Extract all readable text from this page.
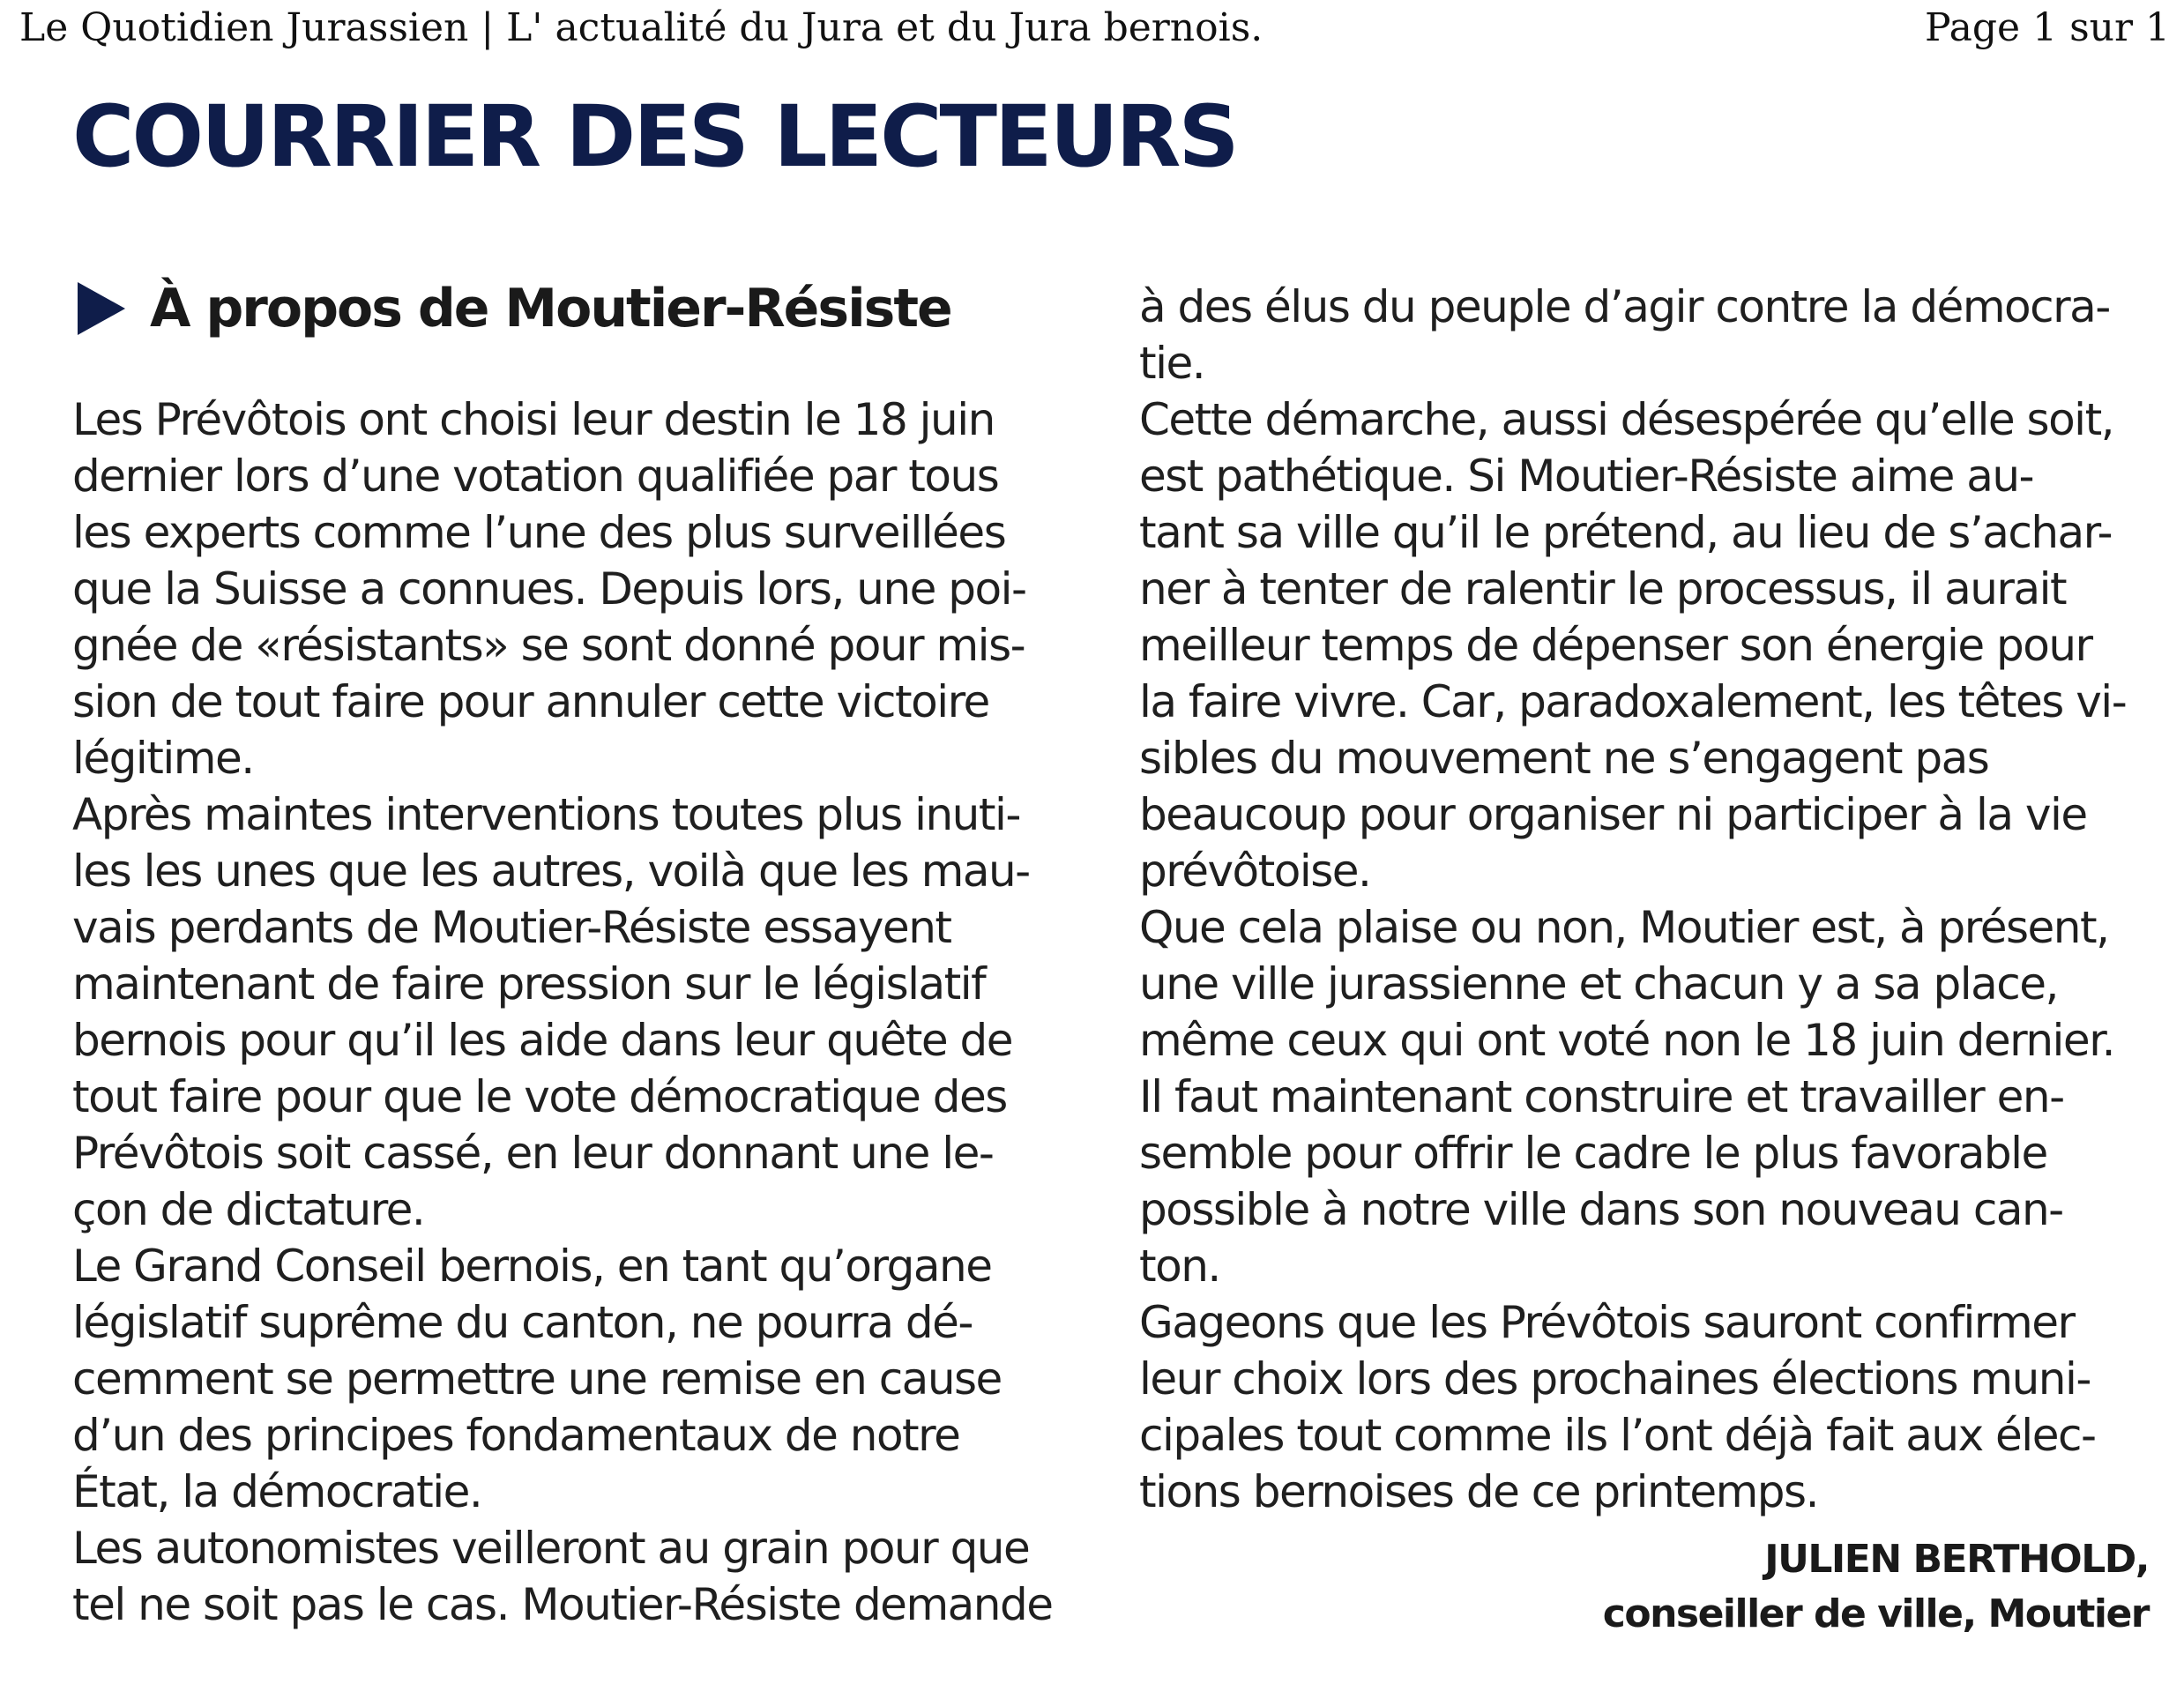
Le Quotidien Jurassien | L' actualité du Jura et du Jura bernois.	Page 1 sur 1
COURRIER DES LECTEURS
À propos de Moutier-Résiste
Les Prévôtois ont choisi leur destin le 18 juin
dernier lors d’une votation qualifiée par tous
les experts comme l’une des plus surveillées
que la Suisse a connues. Depuis lors, une poi-
gnée de «résistants» se sont donné pour mis-
sion de tout faire pour annuler cette victoire
légitime.
Après maintes interventions toutes plus inuti-
les les unes que les autres, voilà que les mau-
vais perdants de Moutier-Résiste essayent
maintenant de faire pression sur le législatif
bernois pour qu’il les aide dans leur quête de
tout faire pour que le vote démocratique des
Prévôtois soit cassé, en leur donnant une le-
çon de dictature.
Le Grand Conseil bernois, en tant qu’organe
législatif suprême du canton, ne pourra dé-
cemment se permettre une remise en cause
d’un des principes fondamentaux de notre
État, la démocratie.
Les autonomistes veilleront au grain pour que
tel ne soit pas le cas. Moutier-Résiste demande
à des élus du peuple d’agir contre la démocra-
tie.
Cette démarche, aussi désespérée qu’elle soit,
est pathétique. Si Moutier-Résiste aime au-
tant sa ville qu’il le prétend, au lieu de s’achar-
ner à tenter de ralentir le processus, il aurait
meilleur temps de dépenser son énergie pour
la faire vivre. Car, paradoxalement, les têtes vi-
sibles du mouvement ne s’engagent pas
beaucoup pour organiser ni participer à la vie
prévôtoise.
Que cela plaise ou non, Moutier est, à présent,
une ville jurassienne et chacun y a sa place,
même ceux qui ont voté non le 18 juin dernier.
Il faut maintenant construire et travailler en-
semble pour offrir le cadre le plus favorable
possible à notre ville dans son nouveau can-
ton.
Gageons que les Prévôtois sauront confirmer
leur choix lors des prochaines élections muni-
cipales tout comme ils l’ont déjà fait aux élec-
tions bernoises de ce printemps.
JULIEN BERTHOLD,
conseiller de ville, Moutier
